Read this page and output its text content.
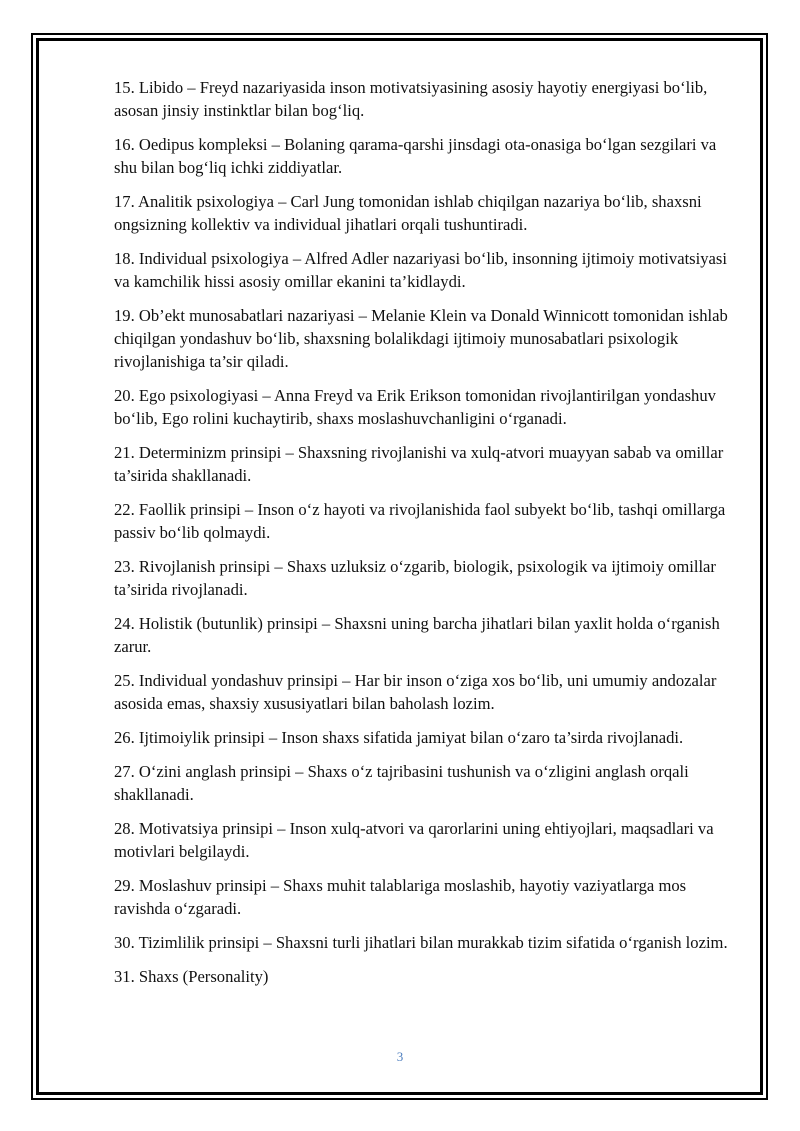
15. Libido – Freyd nazariyasida inson motivatsiyasining asosiy hayotiy energiyasi bo‘lib, asosan jinsiy instinktlar bilan bog‘liq.

16. Oedipus kompleksi – Bolaning qarama-qarshi jinsdagi ota-onasiga bo‘lgan sezgilari va shu bilan bog‘liq ichki ziddiyatlar.

17. Analitik psixologiya – Carl Jung tomonidan ishlab chiqilgan nazariya bo‘lib, shaxsni ongsizning kollektiv va individual jihatlari orqali tushuntiradi.

18. Individual psixologiya – Alfred Adler nazariyasi bo‘lib, insonning ijtimoiy motivatsiyasi va kamchilik hissi asosiy omillar ekanini ta’kidlaydi.

19. Ob’ekt munosabatlari nazariyasi – Melanie Klein va Donald Winnicott tomonidan ishlab chiqilgan yondashuv bo‘lib, shaxsning bolalikdagi ijtimoiy munosabatlari psixologik rivojlanishiga ta’sir qiladi.

20. Ego psixologiyasi – Anna Freyd va Erik Erikson tomonidan rivojlantirilgan yondashuv bo‘lib, Ego rolini kuchaytirib, shaxs moslashuvchanligini o‘rganadi.

21. Determinizm prinsipi – Shaxsning rivojlanishi va xulq-atvori muayyan sabab va omillar ta’sirida shakllanadi.

22. Faollik prinsipi – Inson o‘z hayoti va rivojlanishida faol subyekt bo‘lib, tashqi omillarga passiv bo‘lib qolmaydi.

23. Rivojlanish prinsipi – Shaxs uzluksiz o‘zgarib, biologik, psixologik va ijtimoiy omillar ta’sirida rivojlanadi.

24. Holistik (butunlik) prinsipi – Shaxsni uning barcha jihatlari bilan yaxlit holda o‘rganish zarur.

25. Individual yondashuv prinsipi – Har bir inson o‘ziga xos bo‘lib, uni umumiy andozalar asosida emas, shaxsiy xususiyatlari bilan baholash lozim.

26. Ijtimoiylik prinsipi – Inson shaxs sifatida jamiyat bilan o‘zaro ta’sirda rivojlanadi.

27. O‘zini anglash prinsipi – Shaxs o‘z tajribasini tushunish va o‘zligini anglash orqali shakllanadi.

28. Motivatsiya prinsipi – Inson xulq-atvori va qarorlarini uning ehtiyojlari, maqsadlari va motivlari belgilaydi.

29. Moslashuv prinsipi – Shaxs muhit talablariga moslashib, hayotiy vaziyatlarga mos ravishda o‘zgaradi.

30. Tizimlilik prinsipi – Shaxsni turli jihatlari bilan murakkab tizim sifatida o‘rganish lozim.

31. Shaxs (Personality)

3
